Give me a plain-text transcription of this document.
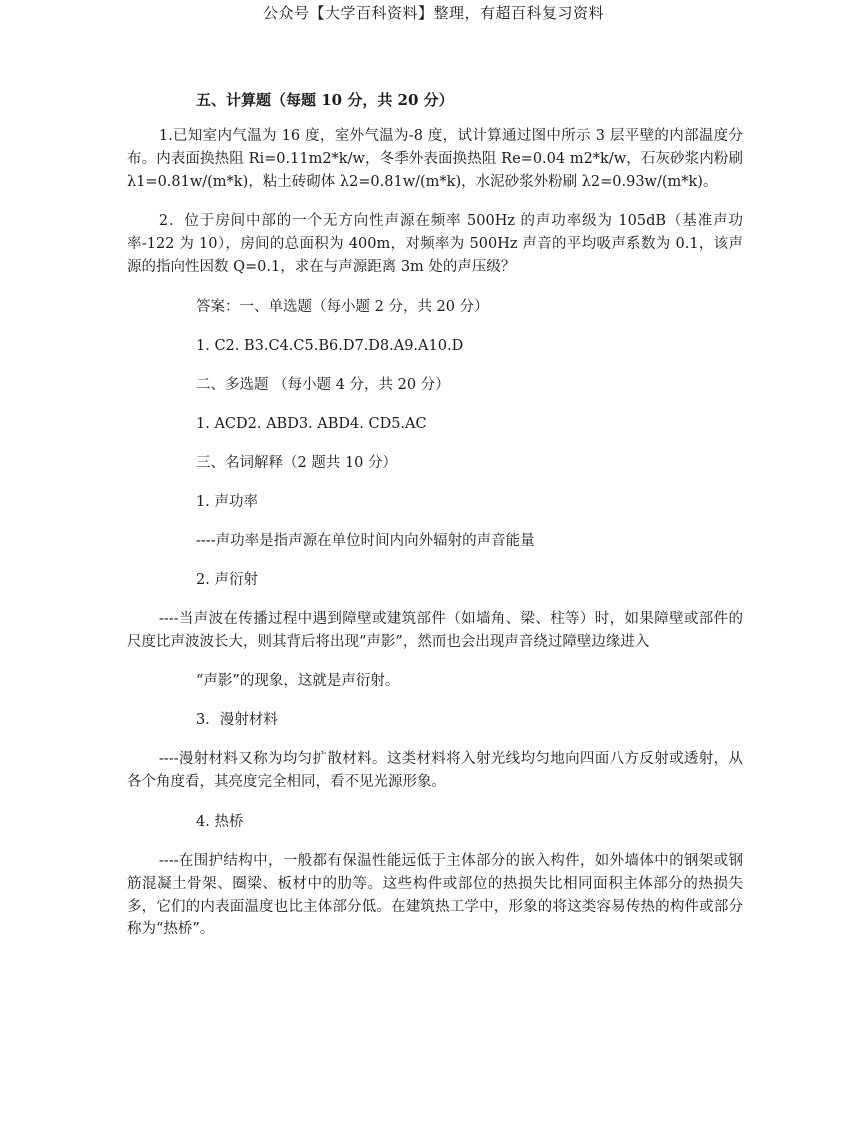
公众号【大学百科资料】整理，有超百科复习资料
五、计算题（每题 10 分，共 20 分）
1.已知室内气温为 16 度，室外气温为-8 度，试计算通过图中所示 3 层平壁的内部温度分布。内表面换热阻 Ri=0.11m2*k/w，冬季外表面换热阻 Re=0.04 m2*k/w，石灰砂浆内粉刷 λ1=0.81w/(m*k)，粘土砖砌体 λ2=0.81w/(m*k)，水泥砂浆外粉刷 λ2=0.93w/(m*k)。
2．位于房间中部的一个无方向性声源在频率 500Hz 的声功率级为 105dB（基准声功率-122 为 10），房间的总面积为 400m，对频率为 500Hz 声音的平均吸声系数为 0.1，该声源的指向性因数 Q=0.1，求在与声源距离 3m 处的声压级？
答案：一、单选题（每小题 2 分，共 20 分）
1. C2. B3.C4.C5.B6.D7.D8.A9.A10.D
二、多选题 （每小题 4 分，共 20 分）
1. ACD2. ABD3. ABD4. CD5.AC
三、名词解释（2 题共 10 分）
1. 声功率
----声功率是指声源在单位时间内向外辐射的声音能量
2. 声衍射
----当声波在传播过程中遇到障壁或建筑部件（如墙角、梁、柱等）时，如果障壁或部件的尺度比声波波长大，则其背后将出现“声影”，然而也会出现声音绕过障壁边缘进入
“声影”的现象，这就是声衍射。
3．漫射材料
----漫射材料又称为均匀扩散材料。这类材料将入射光线均匀地向四面八方反射或透射，从各个角度看，其亮度完全相同，看不见光源形象。
4. 热桥
----在围护结构中，一般都有保温性能远低于主体部分的嵌入构件，如外墙体中的钢架或钢筋混凝土骨架、圈梁、板材中的肋等。这些构件或部位的热损失比相同面积主体部分的热损失多，它们的内表面温度也比主体部分低。在建筑热工学中，形象的将这类容易传热的构件或部分称为“热桥”。
